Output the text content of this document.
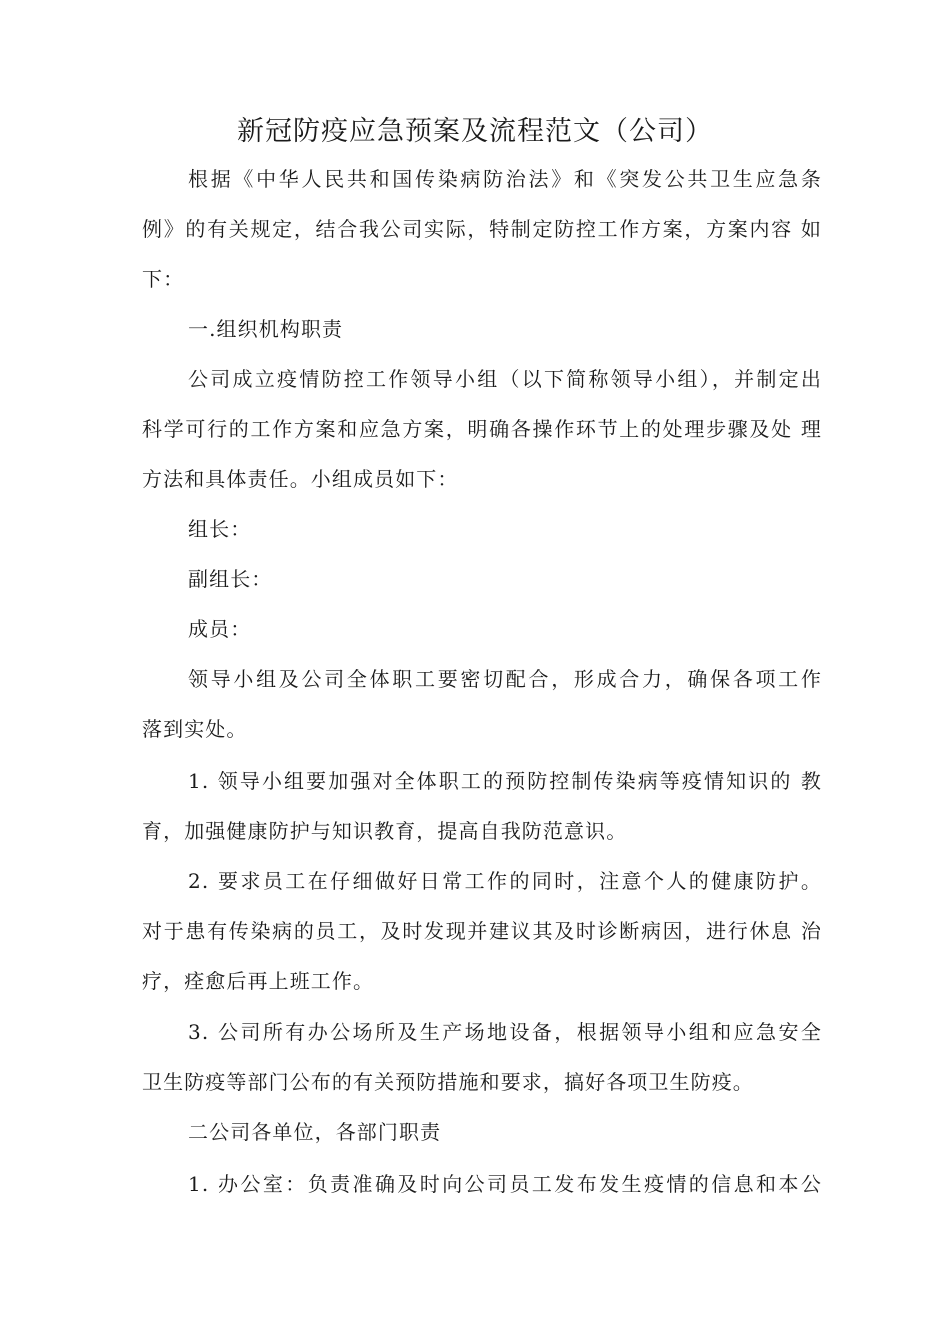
新冠防疫应急预案及流程范文（公司）
根据《中华人民共和国传染病防治法》和《突发公共卫生应急条
例》的有关规定，结合我公司实际，特制定防控工作方案，方案内容 如
下：
一.组织机构职责
公司成立疫情防控工作领导小组（以下简称领导小组），并制定出
科学可行的工作方案和应急方案，明确各操作环节上的处理步骤及处 理
方法和具体责任。小组成员如下：
组长：
副组长：
成员：
领导小组及公司全体职工要密切配合，形成合力，确保各项工作
落到实处。
1. 领导小组要加强对全体职工的预防控制传染病等疫情知识的 教
育，加强健康防护与知识教育，提高自我防范意识。
2. 要求员工在仔细做好日常工作的同时，注意个人的健康防护。
对于患有传染病的员工，及时发现并建议其及时诊断病因，进行休息 治
疗，痊愈后再上班工作。
3. 公司所有办公场所及生产场地设备，根据领导小组和应急安全
卫生防疫等部门公布的有关预防措施和要求，搞好各项卫生防疫。
二公司各单位，各部门职责
1. 办公室：负责准确及时向公司员工发布发生疫情的信息和本公
